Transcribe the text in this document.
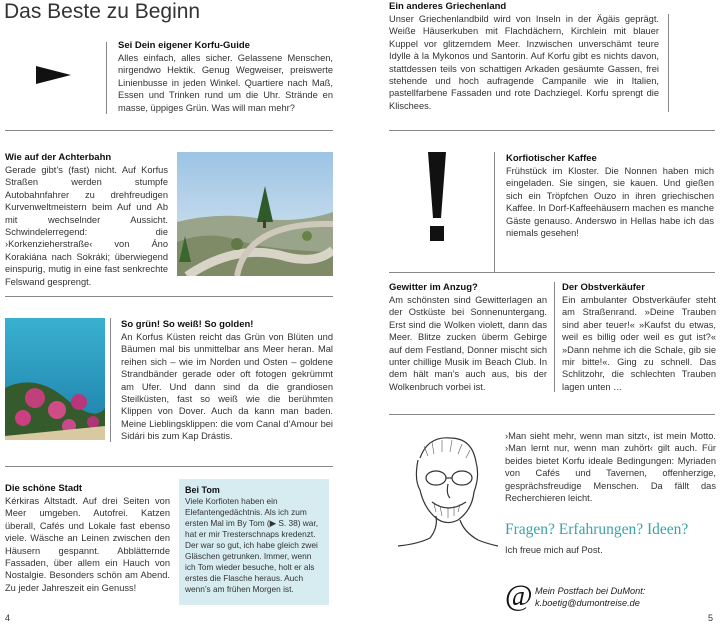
Das Beste zu Beginn
Sei Dein eigener Korfu-Guide
Alles einfach, alles sicher. Gelassene Menschen, nirgendwo Hektik. Genug Wegweiser, preiswerte Linienbusse in jeden Winkel. Quartiere nach Maß, Essen und Trinken rund um die Uhr. Strände en masse, üppiges Grün. Was will man mehr?
Ein anderes Griechenland
Unser Griechenlandbild wird von Inseln in der Ägäis geprägt. Weiße Häuserkuben mit Flachdächern, Kirchlein mit blauer Kuppel vor glitzerndem Meer. Inzwischen unverschämt teure Idylle à la Mykonos und Santorin. Auf Korfu gibt es nichts davon, stattdessen teils von schattigen Arkaden gesäumte Gassen, frei stehende und hoch aufragende Campanile wie in Italien, pastellfarbene Fassaden und rote Dachziegel. Korfu sprengt die Klischees.
Wie auf der Achterbahn
Gerade gibt’s (fast) nicht. Auf Korfus Straßen werden stumpfe Autobahnfahrer zu drehfreudigen Kurvenweltmeistern beim Auf und Ab mit wechselnder Aussicht. Schwindelerregend: die ›Korkenzieherstraße‹ von Áno Korakiána nach Sokráki; überwiegend einspurig, mutig in eine fast senkrechte Felswand gesprengt.
Korfiotischer Kaffee
Frühstück im Kloster. Die Nonnen haben mich eingeladen. Sie singen, sie kauen. Und gießen sich ein Tröpfchen Ouzo in ihren griechischen Kaffee. In Dorf-Kaffeehäusern machen es manche Gäste genauso. Anderswo in Hellas habe ich das niemals gesehen!
So grün! So weiß! So golden!
An Korfus Küsten reicht das Grün von Blüten und Bäumen mal bis unmittelbar ans Meer heran. Mal reihen sich – wie im Norden und Osten – goldene Strandbänder gerade oder oft fotogen gekrümmt am Ufer. Und dann sind da die grandiosen Steilküsten, fast so weiß wie die berühmten Klippen von Dover. Auch da kann man baden. Meine Lieblingsklippen: die vom Canal d’Amour bei Sidári bis zum Kap Drástis.
Gewitter im Anzug?
Am schönsten sind Gewitterlagen an der Ostküste bei Sonnenuntergang. Erst sind die Wolken violett, dann das Meer. Blitze zucken überm Gebirge auf dem Festland, Donner mischt sich unter chillige Musik im Beach Club. In dem hält man’s auch aus, bis der Wolkenbruch vorbei ist.
Der Obstverkäufer
Ein ambulanter Obstverkäufer steht am Straßenrand. »Deine Trauben sind aber teuer!« »Kaufst du etwas, weil es billig oder weil es gut ist?« »Dann nehme ich die Schale, gib sie mir bitte!«. Ging zu schnell. Das Schlitzohr, die schlechten Trauben lagen unten …
Die schöne Stadt
Kérkiras Altstadt. Auf drei Seiten von Meer umgeben. Autofrei. Katzen überall, Cafés und Lokale fast ebenso viele. Wäsche an Leinen zwischen den Häusern gespannt. Abblätternde Fassaden, über allem ein Hauch von Nostalgie. Besonders schön am Abend. Zu jeder Jahreszeit ein Genuss!
Bei Tom
Viele Korfioten haben ein Elefantengedächtnis. Als ich zum ersten Mal im By Tom (▶ S. 38) war, hat er mir Tresterschnaps kredenzt. Der war so gut, ich habe gleich zwei Gläschen getrunken. Immer, wenn ich Tom wieder besuche, holt er als erstes die Flasche heraus. Auch wenn’s am frühen Morgen ist.
›Man sieht mehr, wenn man sitzt‹, ist mein Motto. ›Man lernt nur, wenn man zuhört‹ gilt auch. Für beides bietet Korfu ideale Bedingungen: Myriaden von Cafés und Tavernen, offenherzige, gesprächsfreudige Menschen. Da fällt das Recherchieren leicht.
Fragen? Erfahrungen? Ideen?
Ich freue mich auf Post.
@ Mein Postfach bei DuMont:
k.boetig@dumontreise.de
4	5
